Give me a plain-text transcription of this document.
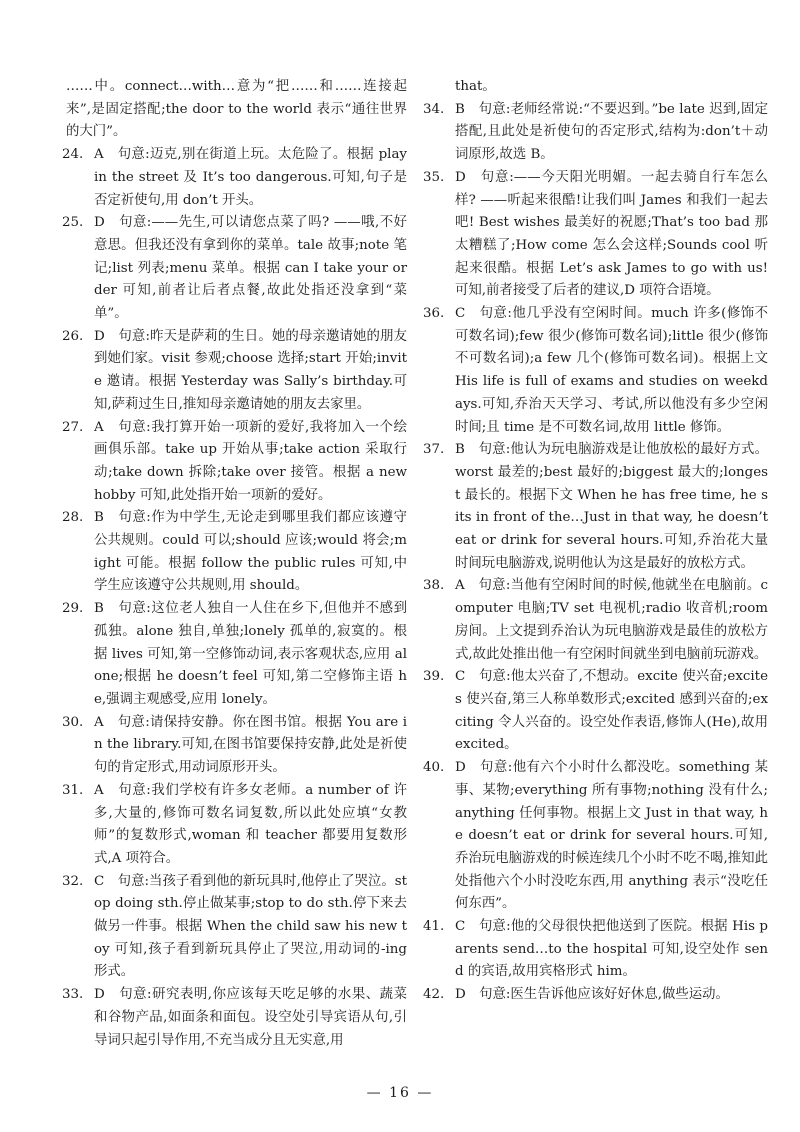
……中。connect…with…意为“把……和……连接起来”,是固定搭配;the door to the world 表示“通往世界的大门”。

24. A　句意:迈克,别在街道上玩。太危险了。根据 play in the street 及 It’s too dangerous.可知,句子是否定祈使句,用 don’t 开头。

25. D　句意:——先生,可以请您点菜了吗? ——哦,不好意思。但我还没有拿到你的菜单。tale 故事;note 笔记;list 列表;menu 菜单。根据 can I take your order 可知,前者让后者点餐,故此处指还没拿到“菜单”。

26. D　句意:昨天是萨莉的生日。她的母亲邀请她的朋友到她们家。visit 参观;choose 选择;start 开始;invite 邀请。根据 Yesterday was Sally’s birthday.可知,萨莉过生日,推知母亲邀请她的朋友去家里。

27. A　句意:我打算开始一项新的爱好,我将加入一个绘画俱乐部。take up 开始从事;take action 采取行动;take down 拆除;take over 接管。根据 a new hobby 可知,此处指开始一项新的爱好。

28. B　句意:作为中学生,无论走到哪里我们都应该遵守公共规则。could 可以;should 应该;would 将会;might 可能。根据 follow the public rules 可知,中学生应该遵守公共规则,用 should。

29. B　句意:这位老人独自一人住在乡下,但他并不感到孤独。alone 独自,单独;lonely 孤单的,寂寞的。根据 lives 可知,第一空修饰动词,表示客观状态,应用 alone;根据 he doesn’t feel 可知,第二空修饰主语 he,强调主观感受,应用 lonely。

30. A　句意:请保持安静。你在图书馆。根据 You are in the library.可知,在图书馆要保持安静,此处是祈使句的肯定形式,用动词原形开头。

31. A　句意:我们学校有许多女老师。a number of 许多,大量的,修饰可数名词复数,所以此处应填“女教师”的复数形式,woman 和 teacher 都要用复数形式,A 项符合。

32. C　句意:当孩子看到他的新玩具时,他停止了哭泣。stop doing sth.停止做某事;stop to do sth.停下来去做另一件事。根据 When the child saw his new toy 可知,孩子看到新玩具停止了哭泣,用动词的-ing 形式。

33. D　句意:研究表明,你应该每天吃足够的水果、蔬菜和谷物产品,如面条和面包。设空处引导宾语从句,引导词只起引导作用,不充当成分且无实意,用

that。

34. B　句意:老师经常说:“不要迟到。”be late 迟到,固定搭配,且此处是祈使句的否定形式,结构为:don’t＋动词原形,故选 B。

35. D　句意:——今天阳光明媚。一起去骑自行车怎么样? ——听起来很酷!让我们叫 James 和我们一起去吧! Best wishes 最美好的祝愿;That’s too bad 那太糟糕了;How come 怎么会这样;Sounds cool 听起来很酷。根据 Let’s ask James to go with us!可知,前者接受了后者的建议,D 项符合语境。

36. C　句意:他几乎没有空闲时间。much 许多(修饰不可数名词);few 很少(修饰可数名词);little 很少(修饰不可数名词);a few 几个(修饰可数名词)。根据上文 His life is full of exams and studies on weekdays.可知,乔治天天学习、考试,所以他没有多少空闲时间;且 time 是不可数名词,故用 little 修饰。

37. B　句意:他认为玩电脑游戏是让他放松的最好方式。worst 最差的;best 最好的;biggest 最大的;longest 最长的。根据下文 When he has free time, he sits in front of the…Just in that way, he doesn’t eat or drink for several hours.可知,乔治花大量时间玩电脑游戏,说明他认为这是最好的放松方式。

38. A　句意:当他有空闲时间的时候,他就坐在电脑前。computer 电脑;TV set 电视机;radio 收音机;room 房间。上文提到乔治认为玩电脑游戏是最佳的放松方式,故此处推出他一有空闲时间就坐到电脑前玩游戏。

39. C　句意:他太兴奋了,不想动。excite 使兴奋;excites 使兴奋,第三人称单数形式;excited 感到兴奋的;exciting 令人兴奋的。设空处作表语,修饰人(He),故用 excited。

40. D　句意:他有六个小时什么都没吃。something 某事、某物;everything 所有事物;nothing 没有什么;anything 任何事物。根据上文 Just in that way, he doesn’t eat or drink for several hours.可知,乔治玩电脑游戏的时候连续几个小时不吃不喝,推知此处指他六个小时没吃东西,用 anything 表示“没吃任何东西”。

41. C　句意:他的父母很快把他送到了医院。根据 His parents send…to the hospital 可知,设空处作 send 的宾语,故用宾格形式 him。

42. D　句意:医生告诉他应该好好休息,做些运动。

— 16 —
